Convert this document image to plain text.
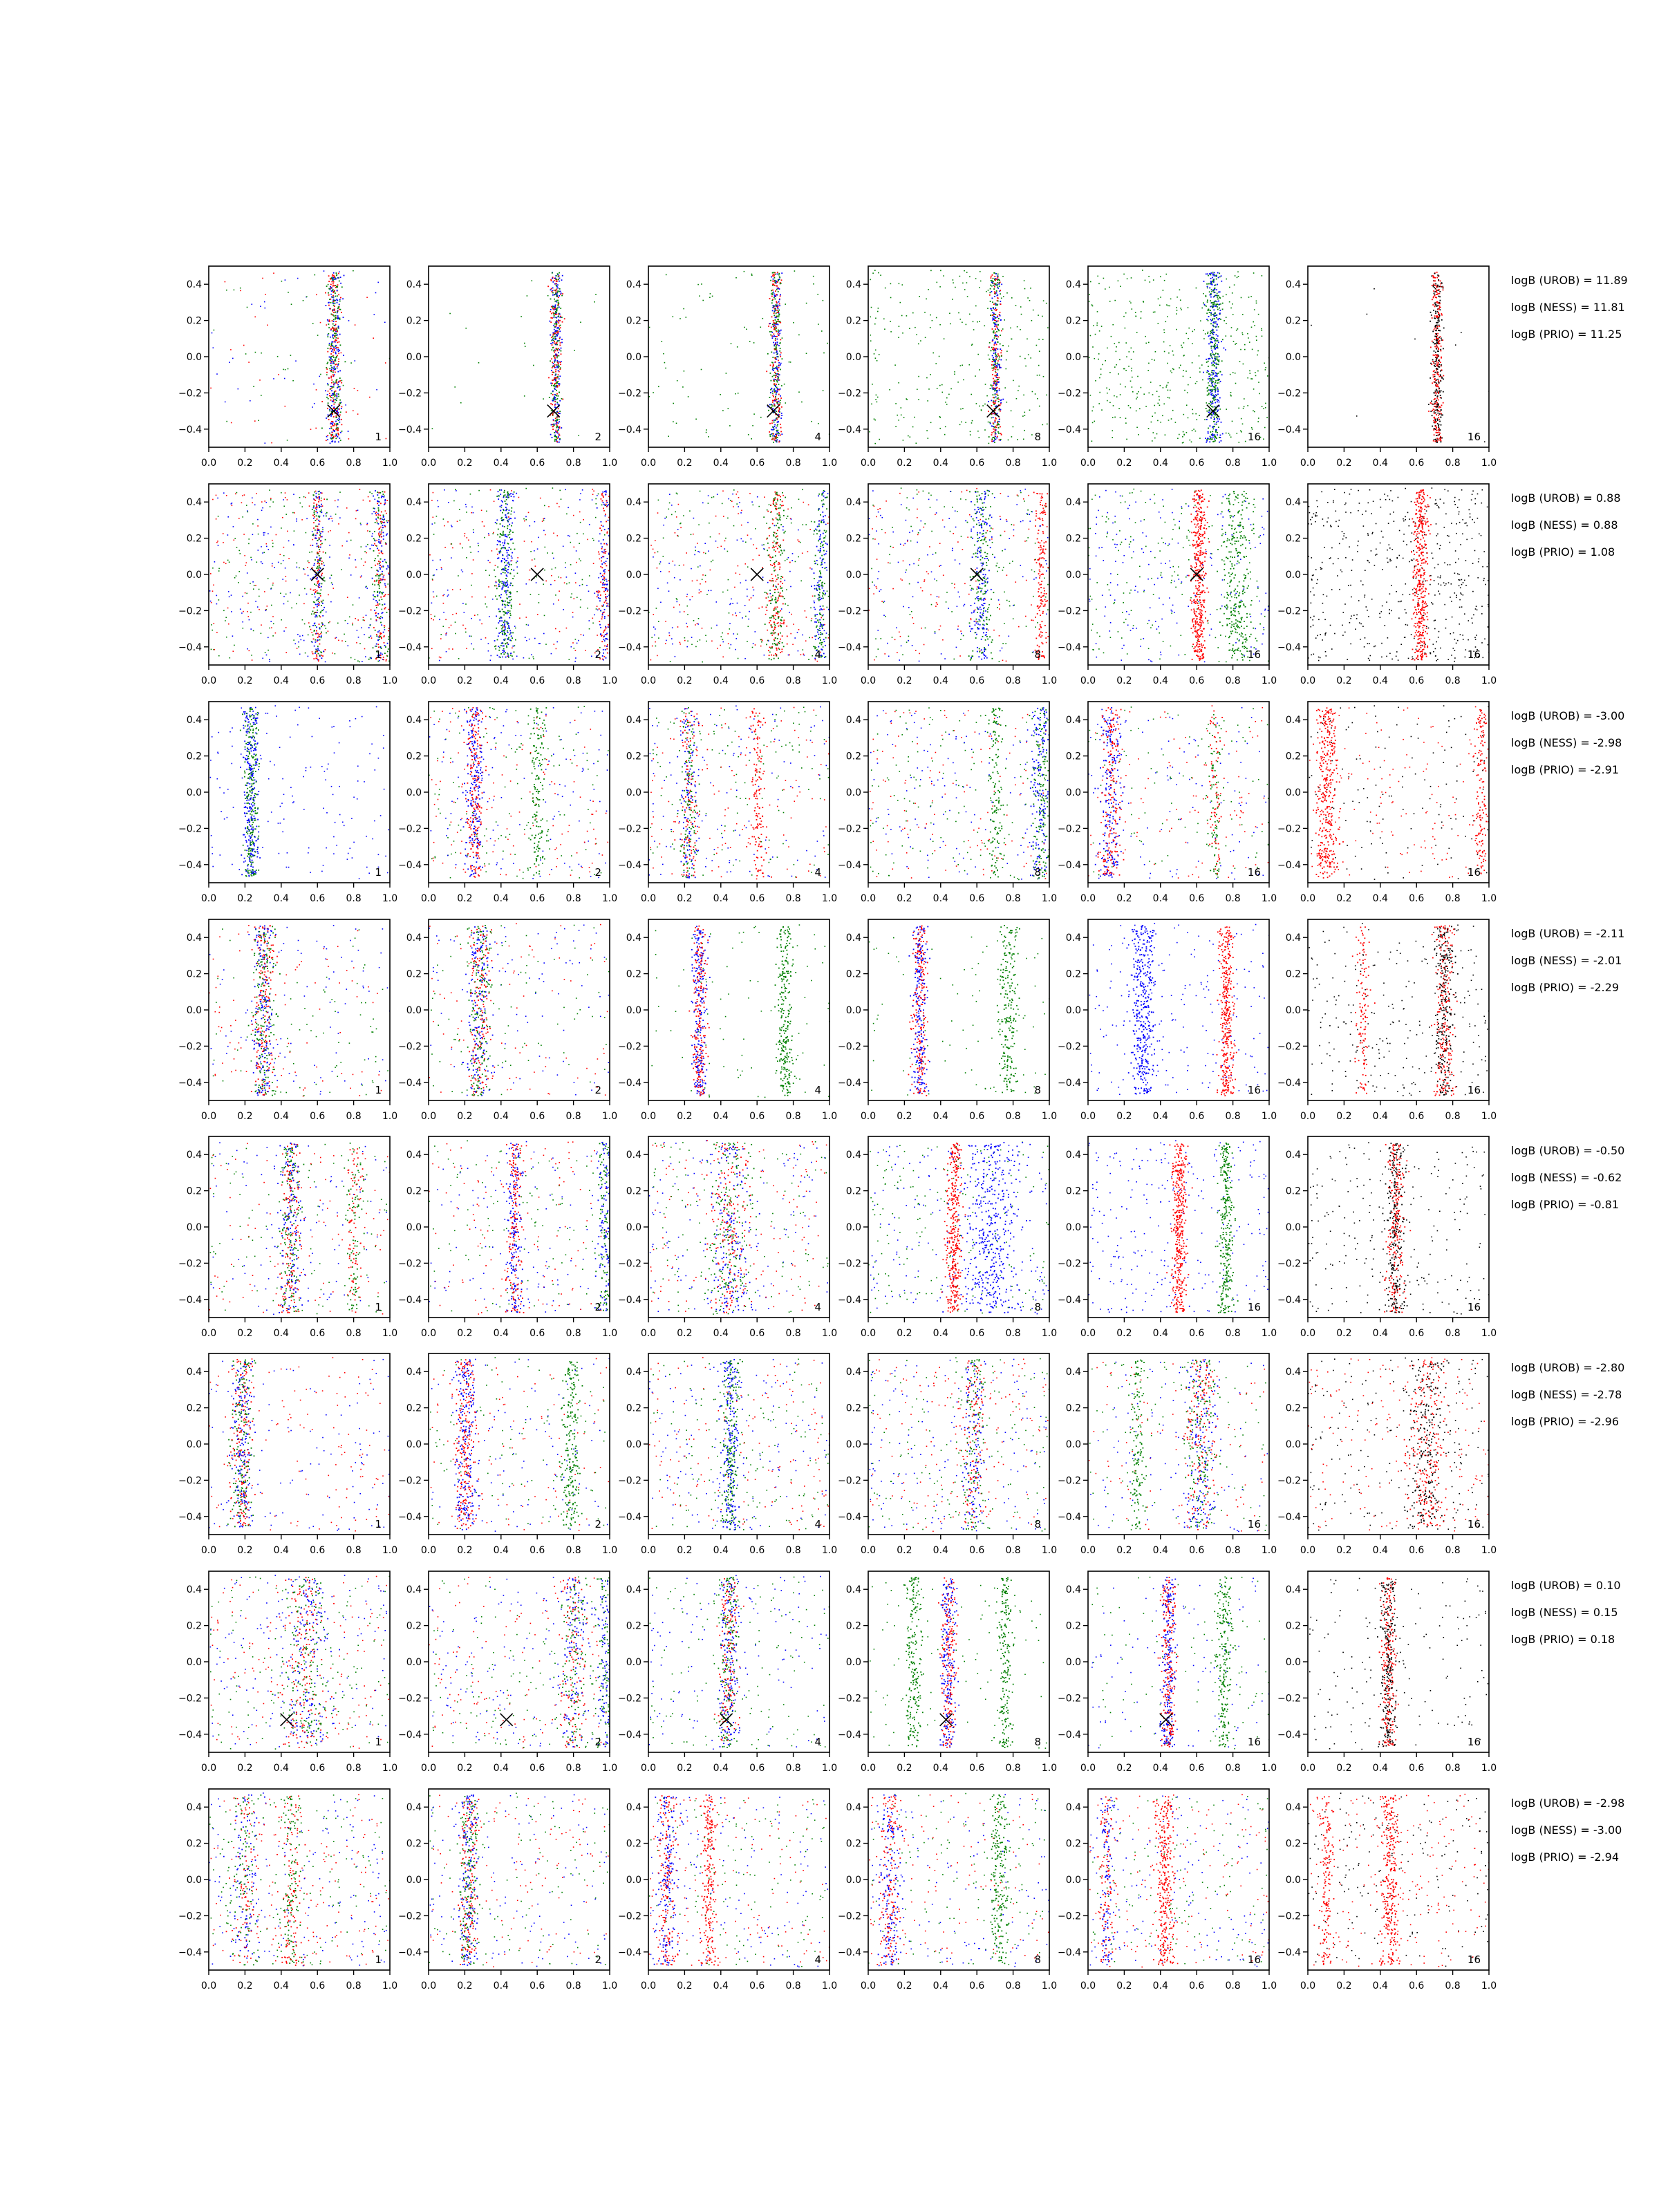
0.0 0.2 0.4 0.6 0.8 1.0
0.4
0.2
0.0
−0.2
−0.4
1
0.0 0.2 0.4 0.6 0.8 1.0
0.4
0.2
0.0
−0.2
−0.4
2
0.0 0.2 0.4 0.6 0.8 1.0
0.4
0.2
0.0
−0.2
−0.4
4
0.0 0.2 0.4 0.6 0.8 1.0
0.4
0.2
0.0
−0.2
−0.4
8
0.0 0.2 0.4 0.6 0.8 1.0
0.4
0.2
0.0
−0.2
−0.4
16
0.0 0.2 0.4 0.6 0.8 1.0
0.4
0.2
0.0
−0.2
−0.4
16
logB (UROB) = 11.89
logB (NESS) = 11.81
logB (PRIO) = 11.25
0.0 0.2 0.4 0.6 0.8 1.0
0.4
0.2
0.0
−0.2
−0.4
1
0.0 0.2 0.4 0.6 0.8 1.0
0.4
0.2
0.0
−0.2
−0.4
2
0.0 0.2 0.4 0.6 0.8 1.0
0.4
0.2
0.0
−0.2
−0.4
4
0.0 0.2 0.4 0.6 0.8 1.0
0.4
0.2
0.0
−0.2
−0.4
8
0.0 0.2 0.4 0.6 0.8 1.0
0.4
0.2
0.0
−0.2
−0.4
16
0.0 0.2 0.4 0.6 0.8 1.0
0.4
0.2
0.0
−0.2
−0.4
16
logB (UROB) = 0.88
logB (NESS) = 0.88
logB (PRIO) = 1.08
0.0 0.2 0.4 0.6 0.8 1.0
0.4
0.2
0.0
−0.2
−0.4
1
0.0 0.2 0.4 0.6 0.8 1.0
0.4
0.2
0.0
−0.2
−0.4
2
0.0 0.2 0.4 0.6 0.8 1.0
0.4
0.2
0.0
−0.2
−0.4
4
0.0 0.2 0.4 0.6 0.8 1.0
0.4
0.2
0.0
−0.2
−0.4
8
0.0 0.2 0.4 0.6 0.8 1.0
0.4
0.2
0.0
−0.2
−0.4
16
0.0 0.2 0.4 0.6 0.8 1.0
0.4
0.2
0.0
−0.2
−0.4
16
logB (UROB) = -3.00
logB (NESS) = -2.98
logB (PRIO) = -2.91
0.0 0.2 0.4 0.6 0.8 1.0
0.4
0.2
0.0
−0.2
−0.4
1
0.0 0.2 0.4 0.6 0.8 1.0
0.4
0.2
0.0
−0.2
−0.4
2
0.0 0.2 0.4 0.6 0.8 1.0
0.4
0.2
0.0
−0.2
−0.4
4
0.0 0.2 0.4 0.6 0.8 1.0
0.4
0.2
0.0
−0.2
−0.4
8
0.0 0.2 0.4 0.6 0.8 1.0
0.4
0.2
0.0
−0.2
−0.4
16
0.0 0.2 0.4 0.6 0.8 1.0
0.4
0.2
0.0
−0.2
−0.4
16
logB (UROB) = -2.11
logB (NESS) = -2.01
logB (PRIO) = -2.29
0.0 0.2 0.4 0.6 0.8 1.0
0.4
0.2
0.0
−0.2
−0.4
1
0.0 0.2 0.4 0.6 0.8 1.0
0.4
0.2
0.0
−0.2
−0.4
2
0.0 0.2 0.4 0.6 0.8 1.0
0.4
0.2
0.0
−0.2
−0.4
4
0.0 0.2 0.4 0.6 0.8 1.0
0.4
0.2
0.0
−0.2
−0.4
8
0.0 0.2 0.4 0.6 0.8 1.0
0.4
0.2
0.0
−0.2
−0.4
16
0.0 0.2 0.4 0.6 0.8 1.0
0.4
0.2
0.0
−0.2
−0.4
16
logB (UROB) = -0.50
logB (NESS) = -0.62
logB (PRIO) = -0.81
0.0 0.2 0.4 0.6 0.8 1.0
0.4
0.2
0.0
−0.2
−0.4
1
0.0 0.2 0.4 0.6 0.8 1.0
0.4
0.2
0.0
−0.2
−0.4
2
0.0 0.2 0.4 0.6 0.8 1.0
0.4
0.2
0.0
−0.2
−0.4
4
0.0 0.2 0.4 0.6 0.8 1.0
0.4
0.2
0.0
−0.2
−0.4
8
0.0 0.2 0.4 0.6 0.8 1.0
0.4
0.2
0.0
−0.2
−0.4
16
0.0 0.2 0.4 0.6 0.8 1.0
0.4
0.2
0.0
−0.2
−0.4
16
logB (UROB) = -2.80
logB (NESS) = -2.78
logB (PRIO) = -2.96
0.0 0.2 0.4 0.6 0.8 1.0
0.4
0.2
0.0
−0.2
−0.4
1
0.0 0.2 0.4 0.6 0.8 1.0
0.4
0.2
0.0
−0.2
−0.4
2
0.0 0.2 0.4 0.6 0.8 1.0
0.4
0.2
0.0
−0.2
−0.4
4
0.0 0.2 0.4 0.6 0.8 1.0
0.4
0.2
0.0
−0.2
−0.4
8
0.0 0.2 0.4 0.6 0.8 1.0
0.4
0.2
0.0
−0.2
−0.4
16
0.0 0.2 0.4 0.6 0.8 1.0
0.4
0.2
0.0
−0.2
−0.4
16
logB (UROB) = 0.10
logB (NESS) = 0.15
logB (PRIO) = 0.18
0.0 0.2 0.4 0.6 0.8 1.0
0.4
0.2
0.0
−0.2
−0.4
1
0.0 0.2 0.4 0.6 0.8 1.0
0.4
0.2
0.0
−0.2
−0.4
2
0.0 0.2 0.4 0.6 0.8 1.0
0.4
0.2
0.0
−0.2
−0.4
4
0.0 0.2 0.4 0.6 0.8 1.0
0.4
0.2
0.0
−0.2
−0.4
8
0.0 0.2 0.4 0.6 0.8 1.0
0.4
0.2
0.0
−0.2
−0.4
16
0.0 0.2 0.4 0.6 0.8 1.0
0.4
0.2
0.0
−0.2
−0.4
16
logB (UROB) = -2.98
logB (NESS) = -3.00
logB (PRIO) = -2.94
